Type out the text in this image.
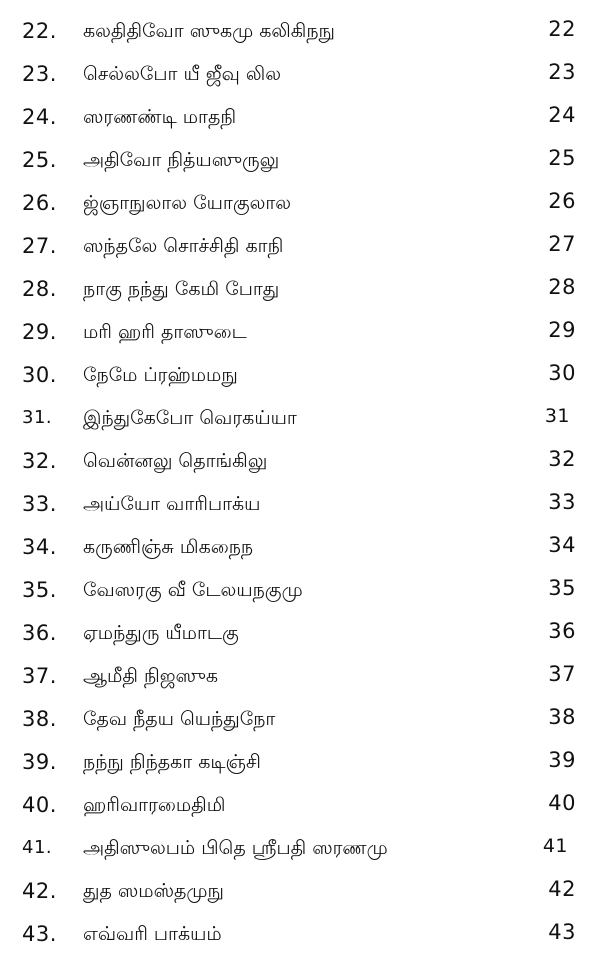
22. கலதிதிவோ ஸுகமு கலிகிநநு	22
23. செல்லபோ யீ ஜீவு லில	23
24. ஸரணண்டி மாதநி	24
25. அதிவோ நித்யஸுருலு	25
26. ஜ்ஞாநுலால யோகுலால	26
27. ஸந்தலே சொச்சிதி காநி	27
28. நாகு நந்து கேமி போது	28
29. மரி ஹரி தாஸுடை	29
30. நேமே ப்ரஹ்மமநு	30
31. இந்துகேபோ வெரகய்யா	31
32. வென்னலு தொங்கிலு	32
33. அய்யோ வாரிபாக்ய	33
34. கருணிஞ்சு மிகநைந	34
35. வேஸரகு வீ டேலயநகுமு	35
36. ஏமந்துரு யீமாடகு	36
37. ஆமீதி நிஜஸுக	37
38. தேவ நீதய யெந்துநோ	38
39. நந்நு நிந்தகா கடிஞ்சி	39
40. ஹரிவாரமைதிமி	40
41. அதிஸுலபம் பிதெ ஸ்ரீபதி ஸரணமு	41
42. துத ஸமஸ்தமுநு	42
43. எவ்வரி பாக்யம்	43
